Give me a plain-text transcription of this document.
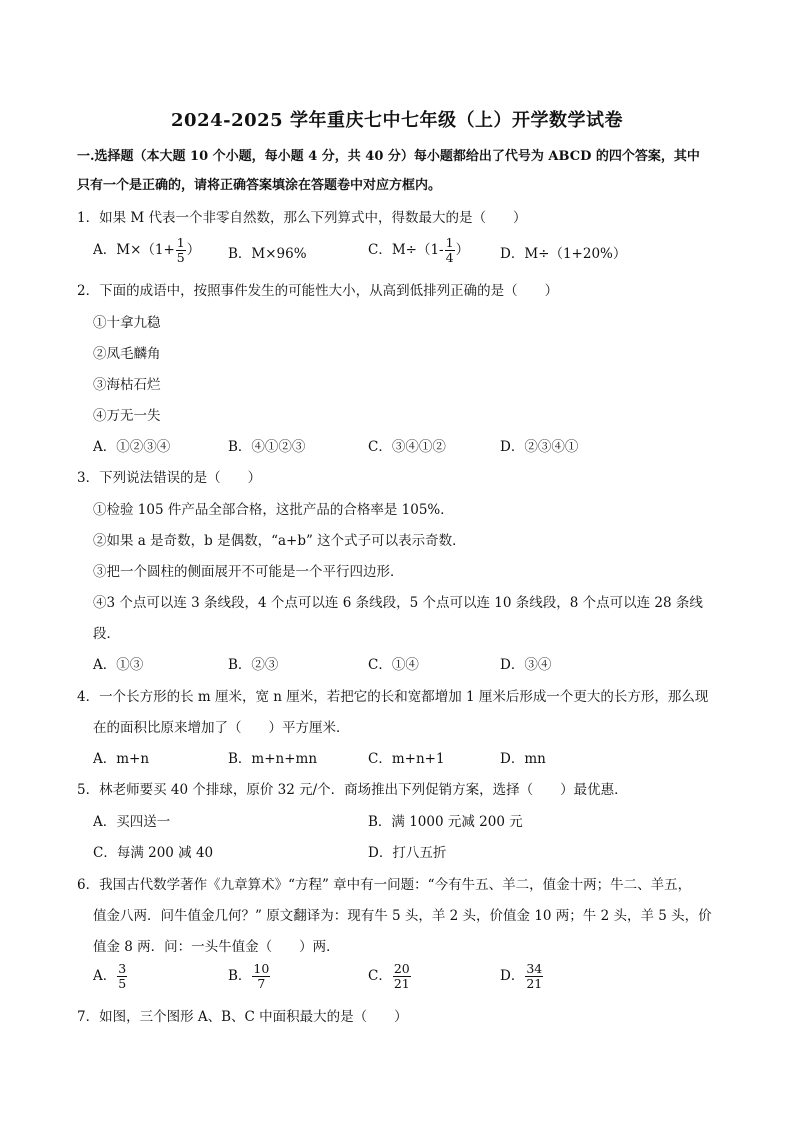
2024-2025 学年重庆七中七年级（上）开学数学试卷
一.选择题（本大题 10 个小题，每小题 4 分，共 40 分）每小题都给出了代号为 ABCD 的四个答案，其中
只有一个是正确的，请将正确答案填涂在答题卷中对应方框内。
1．如果 M 代表一个非零自然数，那么下列算式中，得数最大的是（　　）
A．$M\times(1+ \frac{1}{5}$ ） B．M×96%	C．$M\div(1- \frac{1}{4}$ ） D．M÷（1+20%）
2．下面的成语中，按照事件发生的可能性大小，从高到低排列正确的是（　　）
①十拿九稳
②凤毛麟角
③海枯石烂
④万无一失
A．①②③④	B．④①②③	C．③④①②	D．②③④①
3．下列说法错误的是（　　）
①检验 105 件产品全部合格，这批产品的合格率是 105%．
②如果 a 是奇数，b 是偶数，“a+b” 这个式子可以表示奇数．
③把一个圆柱的侧面展开不可能是一个平行四边形．
④3 个点可以连 3 条线段，4 个点可以连 6 条线段，5 个点可以连 10 条线段，8 个点可以连 28 条线
段．
A．①③	B．②③	C．①④	D．③④
4．一个长方形的长 m 厘米，宽 n 厘米，若把它的长和宽都增加 1 厘米后形成一个更大的长方形，那么现
在的面积比原来增加了（　　）平方厘米．
A．m+n	B．m+n+mn	C．m+n+1	D．mn
5．林老师要买 40 个排球，原价 32 元/个．商场推出下列促销方案，选择（　　）最优惠．
A．买四送一	B．满 1000 元减 200 元
C．每满 200 减 40	D．打八五折
6．我国古代数学著作《九章算术》“方程” 章中有一问题：“今有牛五、羊二，值金十两；牛二、羊五，
值金八两．问牛值金几何？” 原文翻译为：现有牛 5 头，羊 2 头，价值金 10 两；牛 2 头，羊 5 头，价
值金 8 两．问：一头牛值金（　　）两．
A． $\frac{3}{5}$	B． $\frac{10}{7}$	C． $\frac{20}{21}$	D． $\frac{34}{21}$
7．如图，三个图形 A、B、C 中面积最大的是（　　）
